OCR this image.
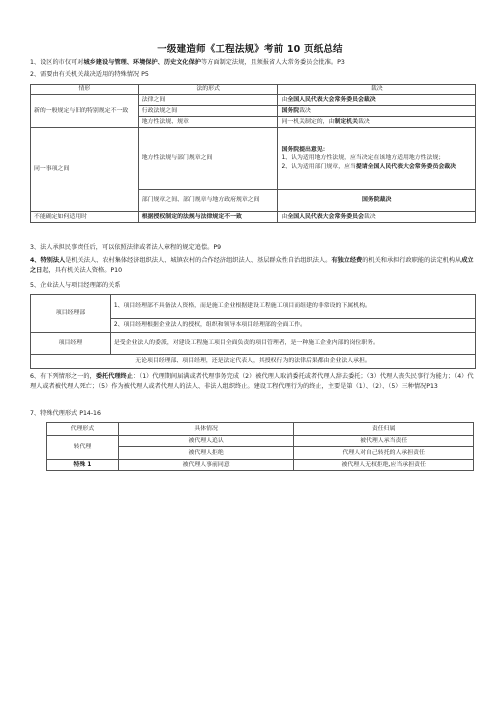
一级建造师《工程法规》考前 10 页纸总结
1、设区的市仅可对城乡建设与管理、环境保护、历史文化保护等方面制定法规，且须报省人大常务委员会批准。P3
2、需要由有关机关裁决适用的特殊情况 P5
情形	法的形式	裁决
新的一般规定与旧的特别规定不一致	法律之间	由全国人民代表大会常务委员会裁决
	行政法规之间	国务院裁决
	地方性法规、规章	同一机关制定的，由制定机关裁决
同一事项之间	地方性法规与部门规章之间	国务院提出意见：
1、认为适用地方性法规，应当决定在该地方适用地方性法规；
2、认为适用部门规章，应当提请全国人民代表大会常务委员会裁决

	部门规章之间、部门规章与地方政府规章之间	国务院裁决
不能确定如何适用时	根据授权制定的法规与法律规定不一致	由全国人民代表大会常务委员会裁决
3、法人承担民事责任后，可以依照法律或者法人章程的规定追偿。P9
4、特别法人是机关法人、农村集体经济组织法人、城镇农村的合作经济组织法人、基层群众性自治组织法人。有独立经费的机关和承担行政职能的法定机构从成立之日起，具有机关法人资格。P10
5、企业法人与项目经理部的关系
项目经理部	1、项目经理部不具备法人资格，而是施工企业根据建设工程施工项目而组建的非常设的下属机构。
	2、项目经理根据企业法人的授权，组织和领导本项目经理部的全面工作。
项目经理	是受企业法人的委派，对建设工程施工项目全面负责的项目管理者，是一种施工企业内部的岗位职务。
无论项目经理部、项目经理，还是法定代表人，其授权行为的法律后果都由企业法人承担。	
6、有下列情形之一的，委托代理终止：（1）代理期间届满或者代理事务完成（2）被代理人取消委托或者代理人辞去委托；（3）代理人丧失民事行为能力；（4）代理人或者被代理人死亡；（5）作为被代理人或者代理人的法人、非法人组织终止。建设工程代理行为的终止，主要是第（1）、（2）、（5）三种情况P13
7、特殊代理形式 P14-16
代理形式	具体情况	责任归属
转代理	被代理人追认	被代理人承当责任
	被代理人拒绝	代理人对自己转托的人承担责任
特殊 1	被代理人事前同意	被代理人无权拒绝,应当承担责任
